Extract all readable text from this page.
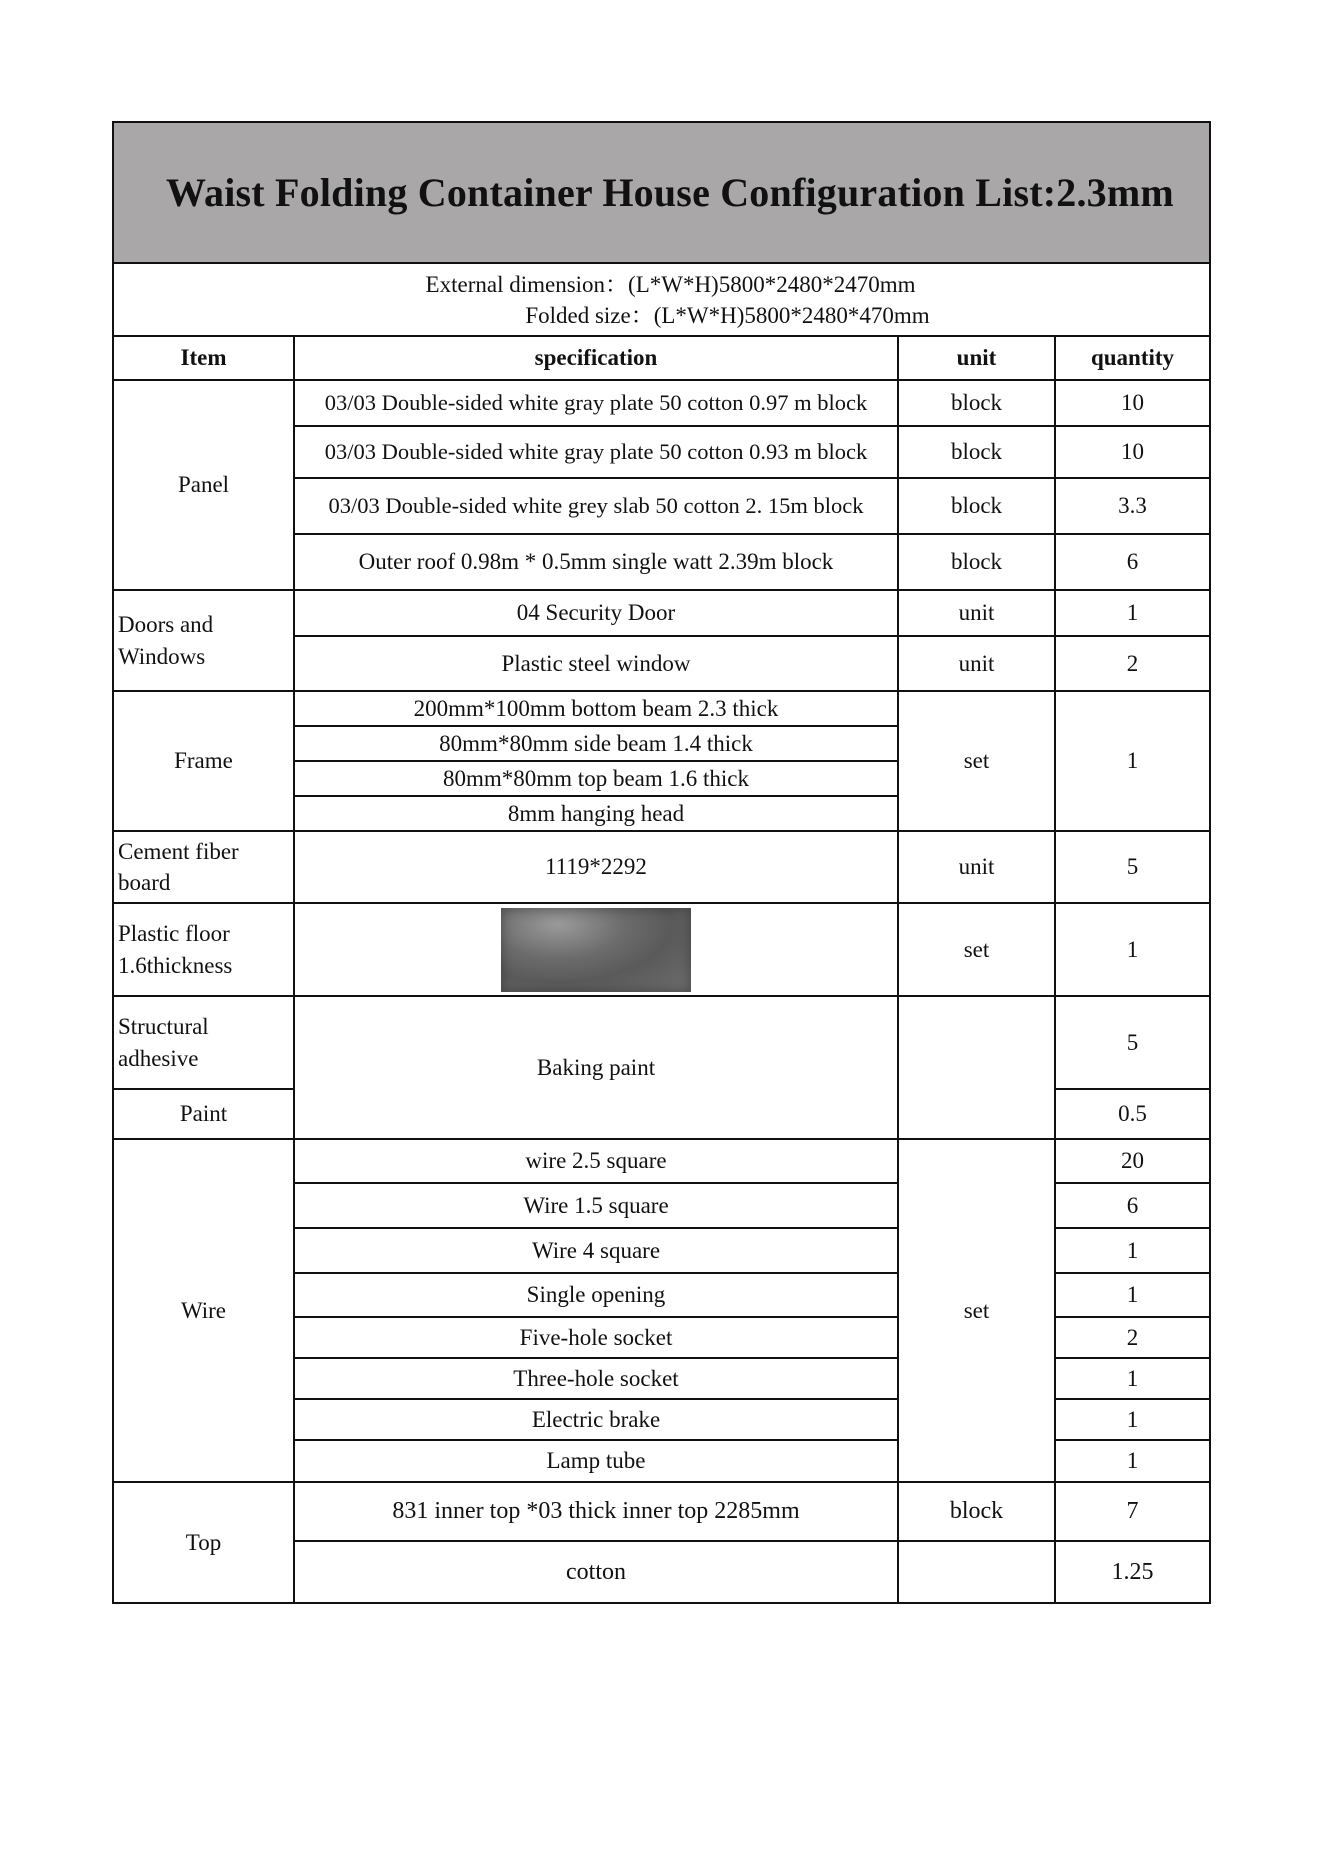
Waist Folding Container House Configuration List:2.3mm			

External dimension：(L*W*H)5800*2480*2470mm
Folded size：(L*W*H)5800*2480*470mm			

Item	specification	unit	quantity
Panel	03/03 Double-sided white gray plate 50 cotton 0.97 m block	block	10
	03/03 Double-sided white gray plate 50 cotton 0.93 m block	block	10
	03/03 Double-sided white grey slab 50 cotton 2. 15m block	block	3.3
	Outer roof 0.98m * 0.5mm single watt 2.39m block	block	6
Doors and Windows	04 Security Door	unit	1
	Plastic steel window	unit	2
Frame	200mm*100mm bottom beam 2.3 thick	set	1
	80mm*80mm side beam 1.4 thick		
	80mm*80mm top beam 1.6 thick		
	8mm hanging head		

Cement fiber board	1119*2292	unit	5
Plastic floor 1.6thickness		set	1
Structural adhesive	Baking paint		5
Paint			0.5
Wire	wire 2.5 square	set	20
	Wire 1.5 square		6
	Wire 4 square		1
	Single opening		1
	Five-hole socket		2
	Three-hole socket		1
	Electric brake		1
	Lamp tube		1
Top	831 inner top *03 thick inner top 2285mm	block	7
	cotton		1.25
